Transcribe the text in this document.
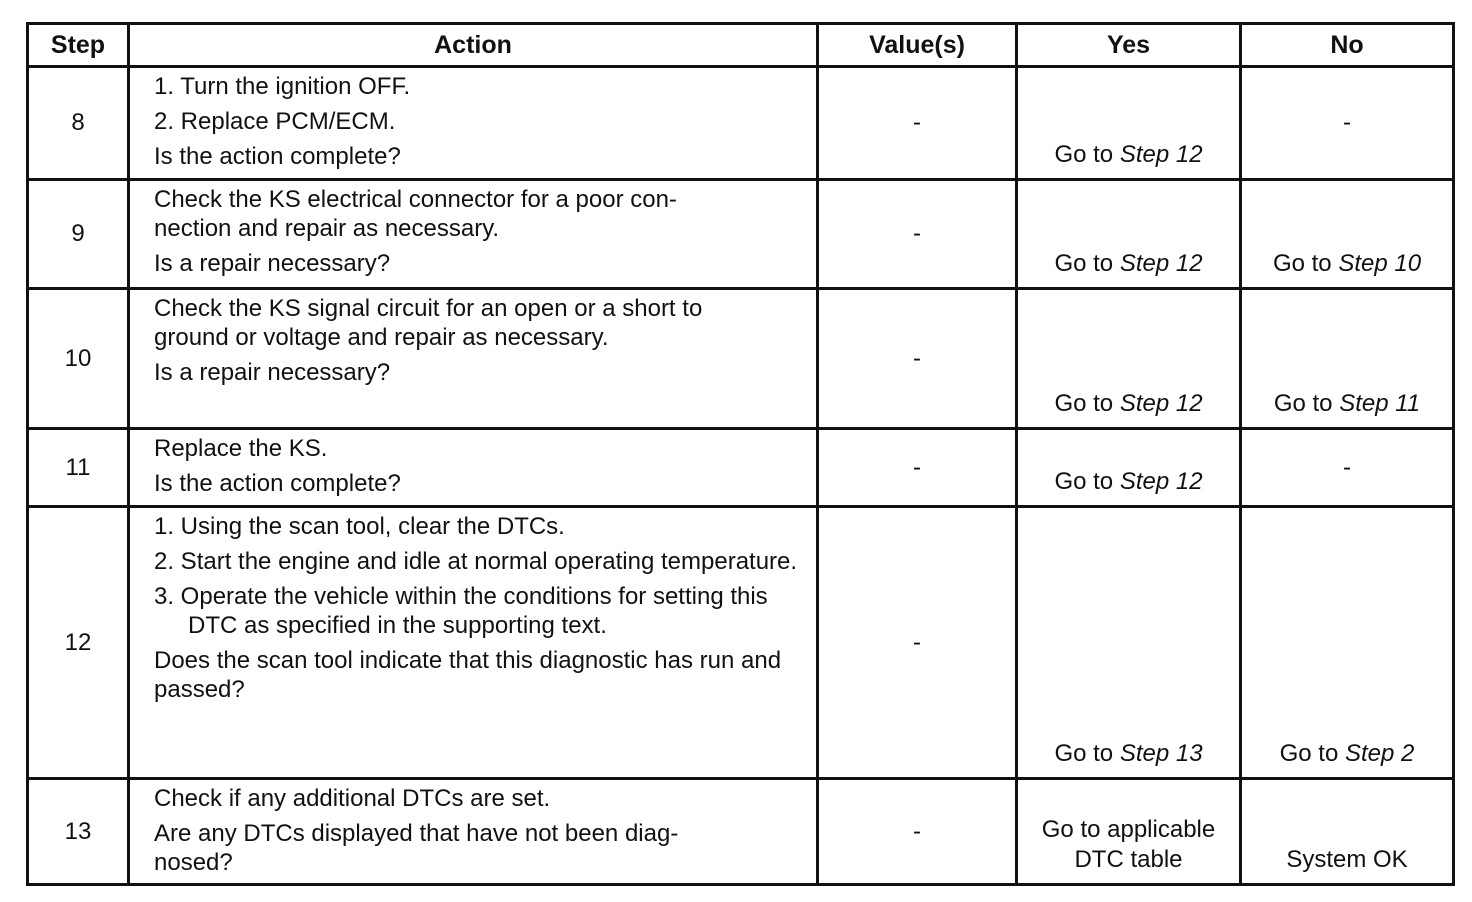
Step	Action	Value(s)	Yes	No
8	1. Turn the ignition OFF.
2. Replace PCM/ECM.
Is the action complete?	-	Go to Step 12	-
9	Check the KS electrical connector for a poor con-
nection and repair as necessary.
Is a repair necessary?	-	Go to Step 12	Go to Step 10
10	Check the KS signal circuit for an open or a short to
ground or voltage and repair as necessary.
Is a repair necessary?	-	Go to Step 12	Go to Step 11
11	Replace the KS.
Is the action complete?	-	Go to Step 12	-
12	1. Using the scan tool, clear the DTCs.
2. Start the engine and idle at normal operating temperature.
3. Operate the vehicle within the conditions for setting this DTC as specified in the supporting text.
Does the scan tool indicate that this diagnostic has run and passed?	-	Go to Step 13	Go to Step 2
13	Check if any additional DTCs are set.
Are any DTCs displayed that have not been diag-
nosed?	-	Go to applicable DTC table	System OK
